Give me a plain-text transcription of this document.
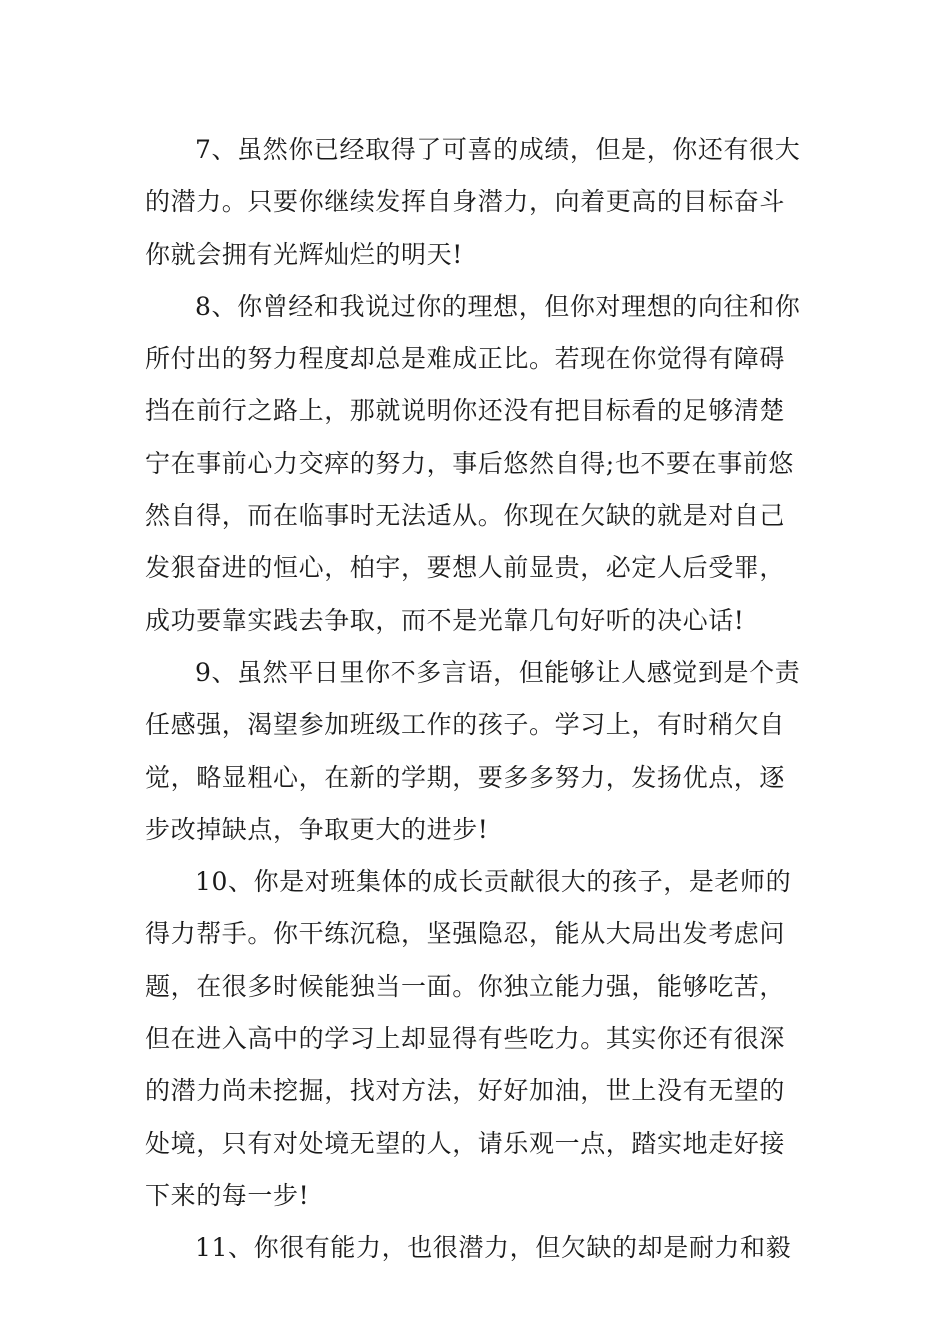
7、虽然你已经取得了可喜的成绩，但是，你还有很大
的潜力。只要你继续发挥自身潜力，向着更高的目标奋斗
你就会拥有光辉灿烂的明天!
8、你曾经和我说过你的理想，但你对理想的向往和你
所付出的努力程度却总是难成正比。若现在你觉得有障碍
挡在前行之路上，那就说明你还没有把目标看的足够清楚
宁在事前心力交瘁的努力，事后悠然自得;也不要在事前悠
然自得，而在临事时无法适从。你现在欠缺的就是对自己
发狠奋进的恒心，柏宇，要想人前显贵，必定人后受罪，
成功要靠实践去争取，而不是光靠几句好听的决心话!
9、虽然平日里你不多言语，但能够让人感觉到是个责
任感强，渴望参加班级工作的孩子。学习上，有时稍欠自
觉，略显粗心，在新的学期，要多多努力，发扬优点，逐
步改掉缺点，争取更大的进步!
10、你是对班集体的成长贡献很大的孩子，是老师的
得力帮手。你干练沉稳，坚强隐忍，能从大局出发考虑问
题，在很多时候能独当一面。你独立能力强，能够吃苦，
但在进入高中的学习上却显得有些吃力。其实你还有很深
的潜力尚未挖掘，找对方法，好好加油，世上没有无望的
处境，只有对处境无望的人，请乐观一点，踏实地走好接
下来的每一步!
11、你很有能力，也很潜力，但欠缺的却是耐力和毅
